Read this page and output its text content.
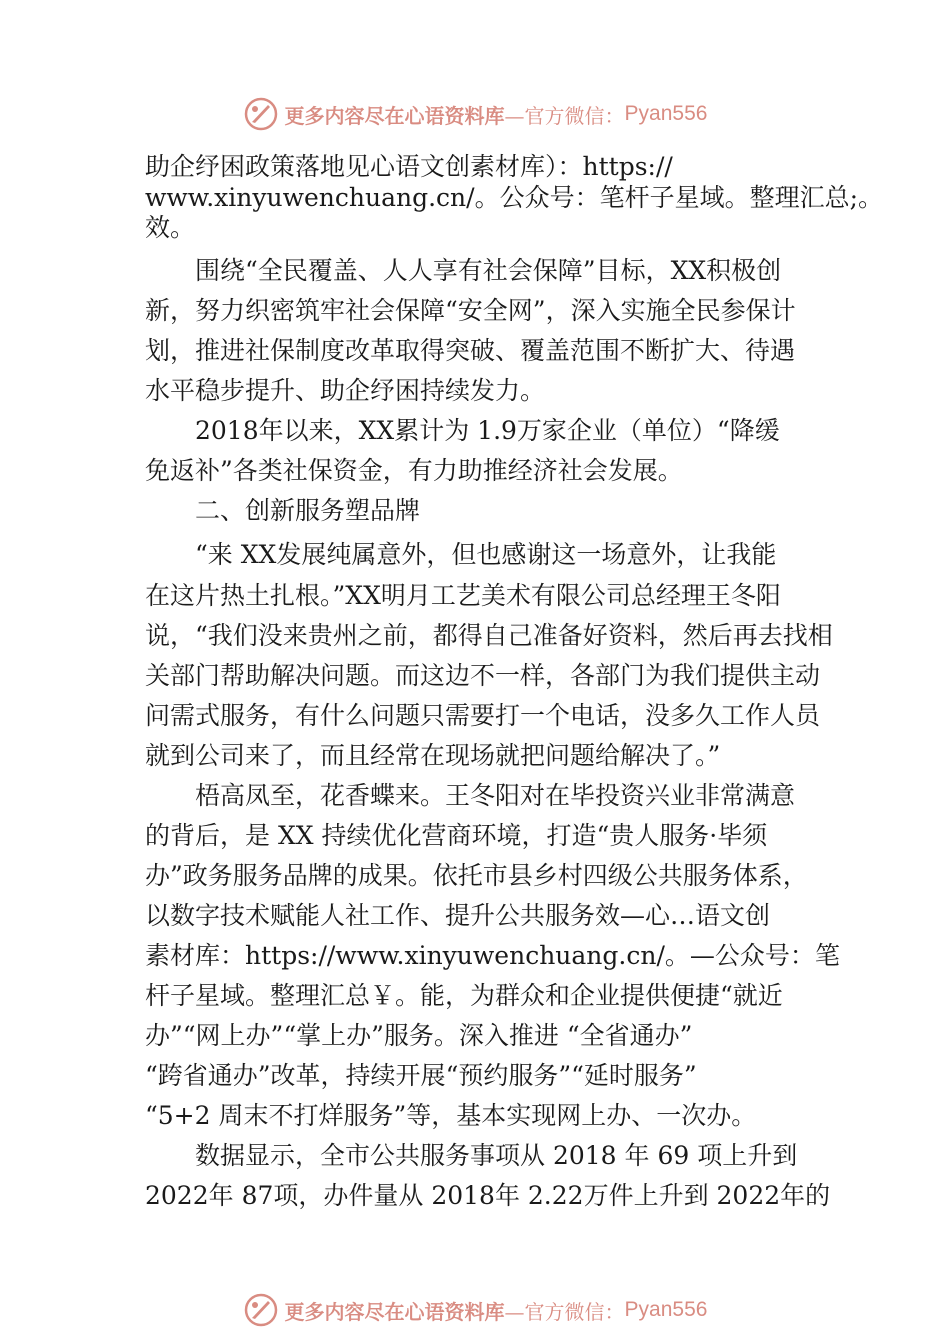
更多内容尽在心语资料库 —官方微信： Pyan556
助企纾困政策落地见心语文创素材库）：https://
www.xinyuwenchuang.cn/。公众号：笔杆子星域。整理汇总;。
效。
　　围绕“全民覆盖、人人享有社会保障”目标，XX积极创
新，努力织密筑牢社会保障“安全网”，深入实施全民参保计
划，推进社保制度改革取得突破、覆盖范围不断扩大、待遇
水平稳步提升、助企纾困持续发力。
　　2018年以来，XX累计为 1.9万家企业（单位）“降缓
免返补”各类社保资金，有力助推经济社会发展。
　　二、创新服务塑品牌
　　“来 XX发展纯属意外，但也感谢这一场意外，让我能
在这片热土扎根。”XX明月工艺美术有限公司总经理王冬阳
说，“我们没来贵州之前，都得自己准备好资料，然后再去找相
关部门帮助解决问题。而这边不一样，各部门为我们提供主动
问需式服务，有什么问题只需要打一个电话，没多久工作人员
就到公司来了，而且经常在现场就把问题给解决了。”
　　梧高凤至，花香蝶来。王冬阳对在毕投资兴业非常满意
的背后，是 XX 持续优化营商环境，打造“贵人服务·毕须
办”政务服务品牌的成果。依托市县乡村四级公共服务体系，
以数字技术赋能人社工作、提升公共服务效—心…语文创
素材库：https://www.xinyuwenchuang.cn/。—公众号：笔
杆子星域。整理汇总￥。能，为群众和企业提供便捷“就近
办”“网上办”“掌上办”服务。深入推进 “全省通办”
“跨省通办”改革，持续开展“预约服务”“延时服务”
“5+2 周末不打烊服务”等，基本实现网上办、一次办。
　　数据显示，全市公共服务事项从 2018 年 69 项上升到
2022年 87项，办件量从 2018年 2.22万件上升到 2022年的
更多内容尽在心语资料库 —官方微信： Pyan556
